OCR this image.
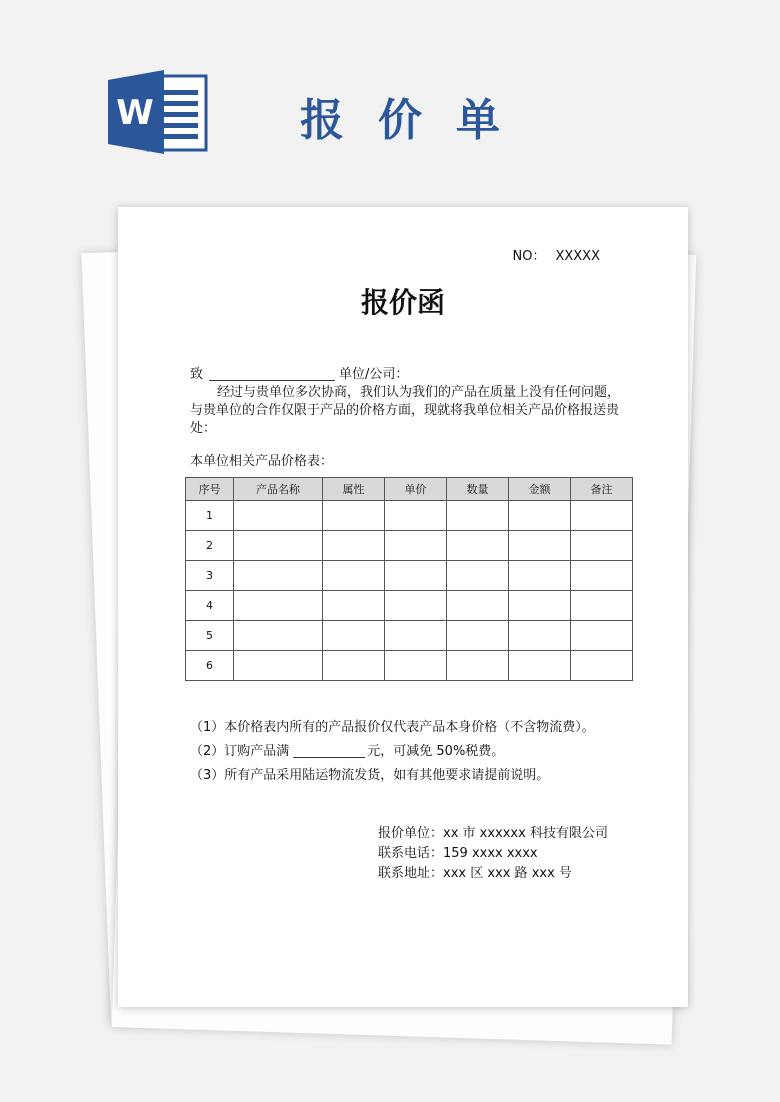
W	报价单
NO： XXXXX
报价函
致	单位/公司：
经过与贵单位多次协商，我们认为我们的产品在质量上没有任何问题，与贵单位的合作仅限于产品的价格方面，现就将我单位相关产品价格报送贵处：
本单位相关产品价格表：
序号	产品名称	属性	单价	数量	金额	备注
1						
2						
3						
4						
5						
6						
（1）本价格表内所有的产品报价仅代表产品本身价格（不含物流费）。
（2）订购产品满	元，可减免 50%税费。
（3）所有产品采用陆运物流发货，如有其他要求请提前说明。
报价单位：xx 市 xxxxxx 科技有限公司
联系电话：159 xxxx xxxx
联系地址：xxx 区 xxx 路 xxx 号
